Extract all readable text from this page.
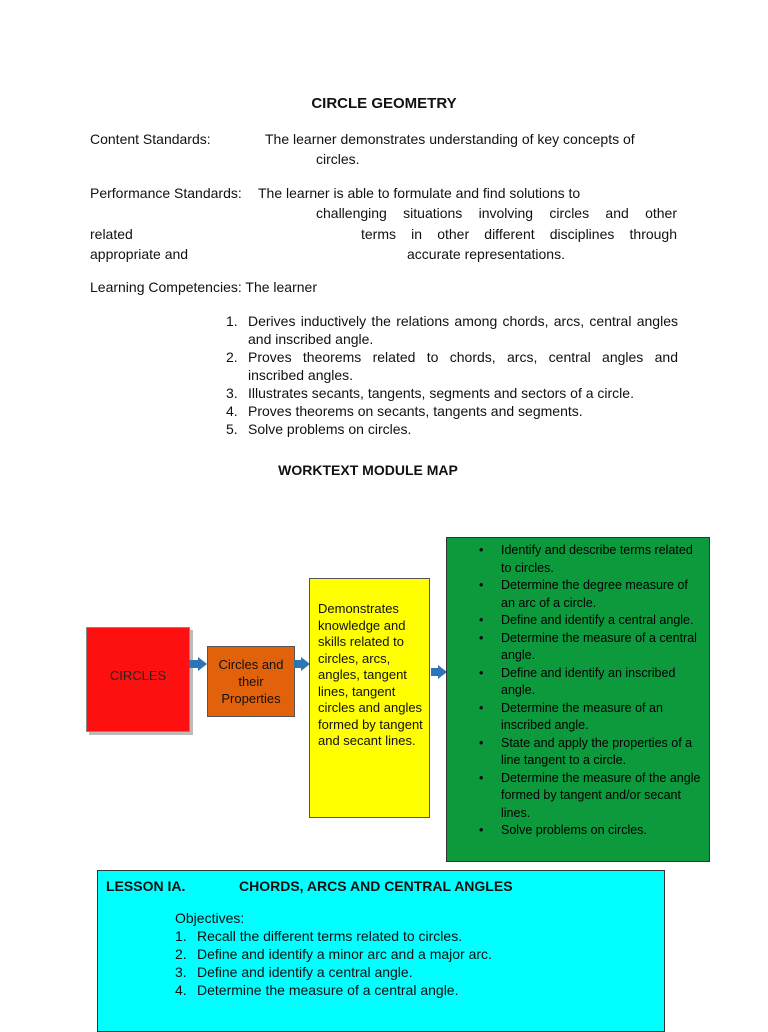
CIRCLE GEOMETRY
Content Standards:	The learner demonstrates understanding of key concepts of
circles.
Performance Standards: The learner is able to formulate and find solutions to
challenging situations involving circles and other
related	terms in other different disciplines through
appropriate and	accurate representations.
Learning Competencies: The learner
1. Derives inductively the relations among chords, arcs, central angles and inscribed angle.
2. Proves theorems related to chords, arcs, central angles and inscribed angles.
3. Illustrates secants, tangents, segments and sectors of a circle.
4. Proves theorems on secants, tangents and segments.
5. Solve problems on circles.
WORKTEXT MODULE MAP
CIRCLES
Circles and their Properties
Demonstrates knowledge and skills related to circles, arcs, angles, tangent lines, tangent circles and angles formed by tangent and secant lines.
• Identify and describe terms related to circles.
• Determine the degree measure of an arc of a circle.
• Define and identify a central angle.
• Determine the measure of a central angle.
• Define and identify an inscribed angle.
• Determine the measure of an inscribed angle.
• State and apply the properties of a line tangent to a circle.
• Determine the measure of the angle formed by tangent and/or secant lines.
• Solve problems on circles.
LESSON IA.	CHORDS, ARCS AND CENTRAL ANGLES
Objectives:
1. Recall the different terms related to circles.
2. Define and identify a minor arc and a major arc.
3. Define and identify a central angle.
4. Determine the measure of a central angle.
